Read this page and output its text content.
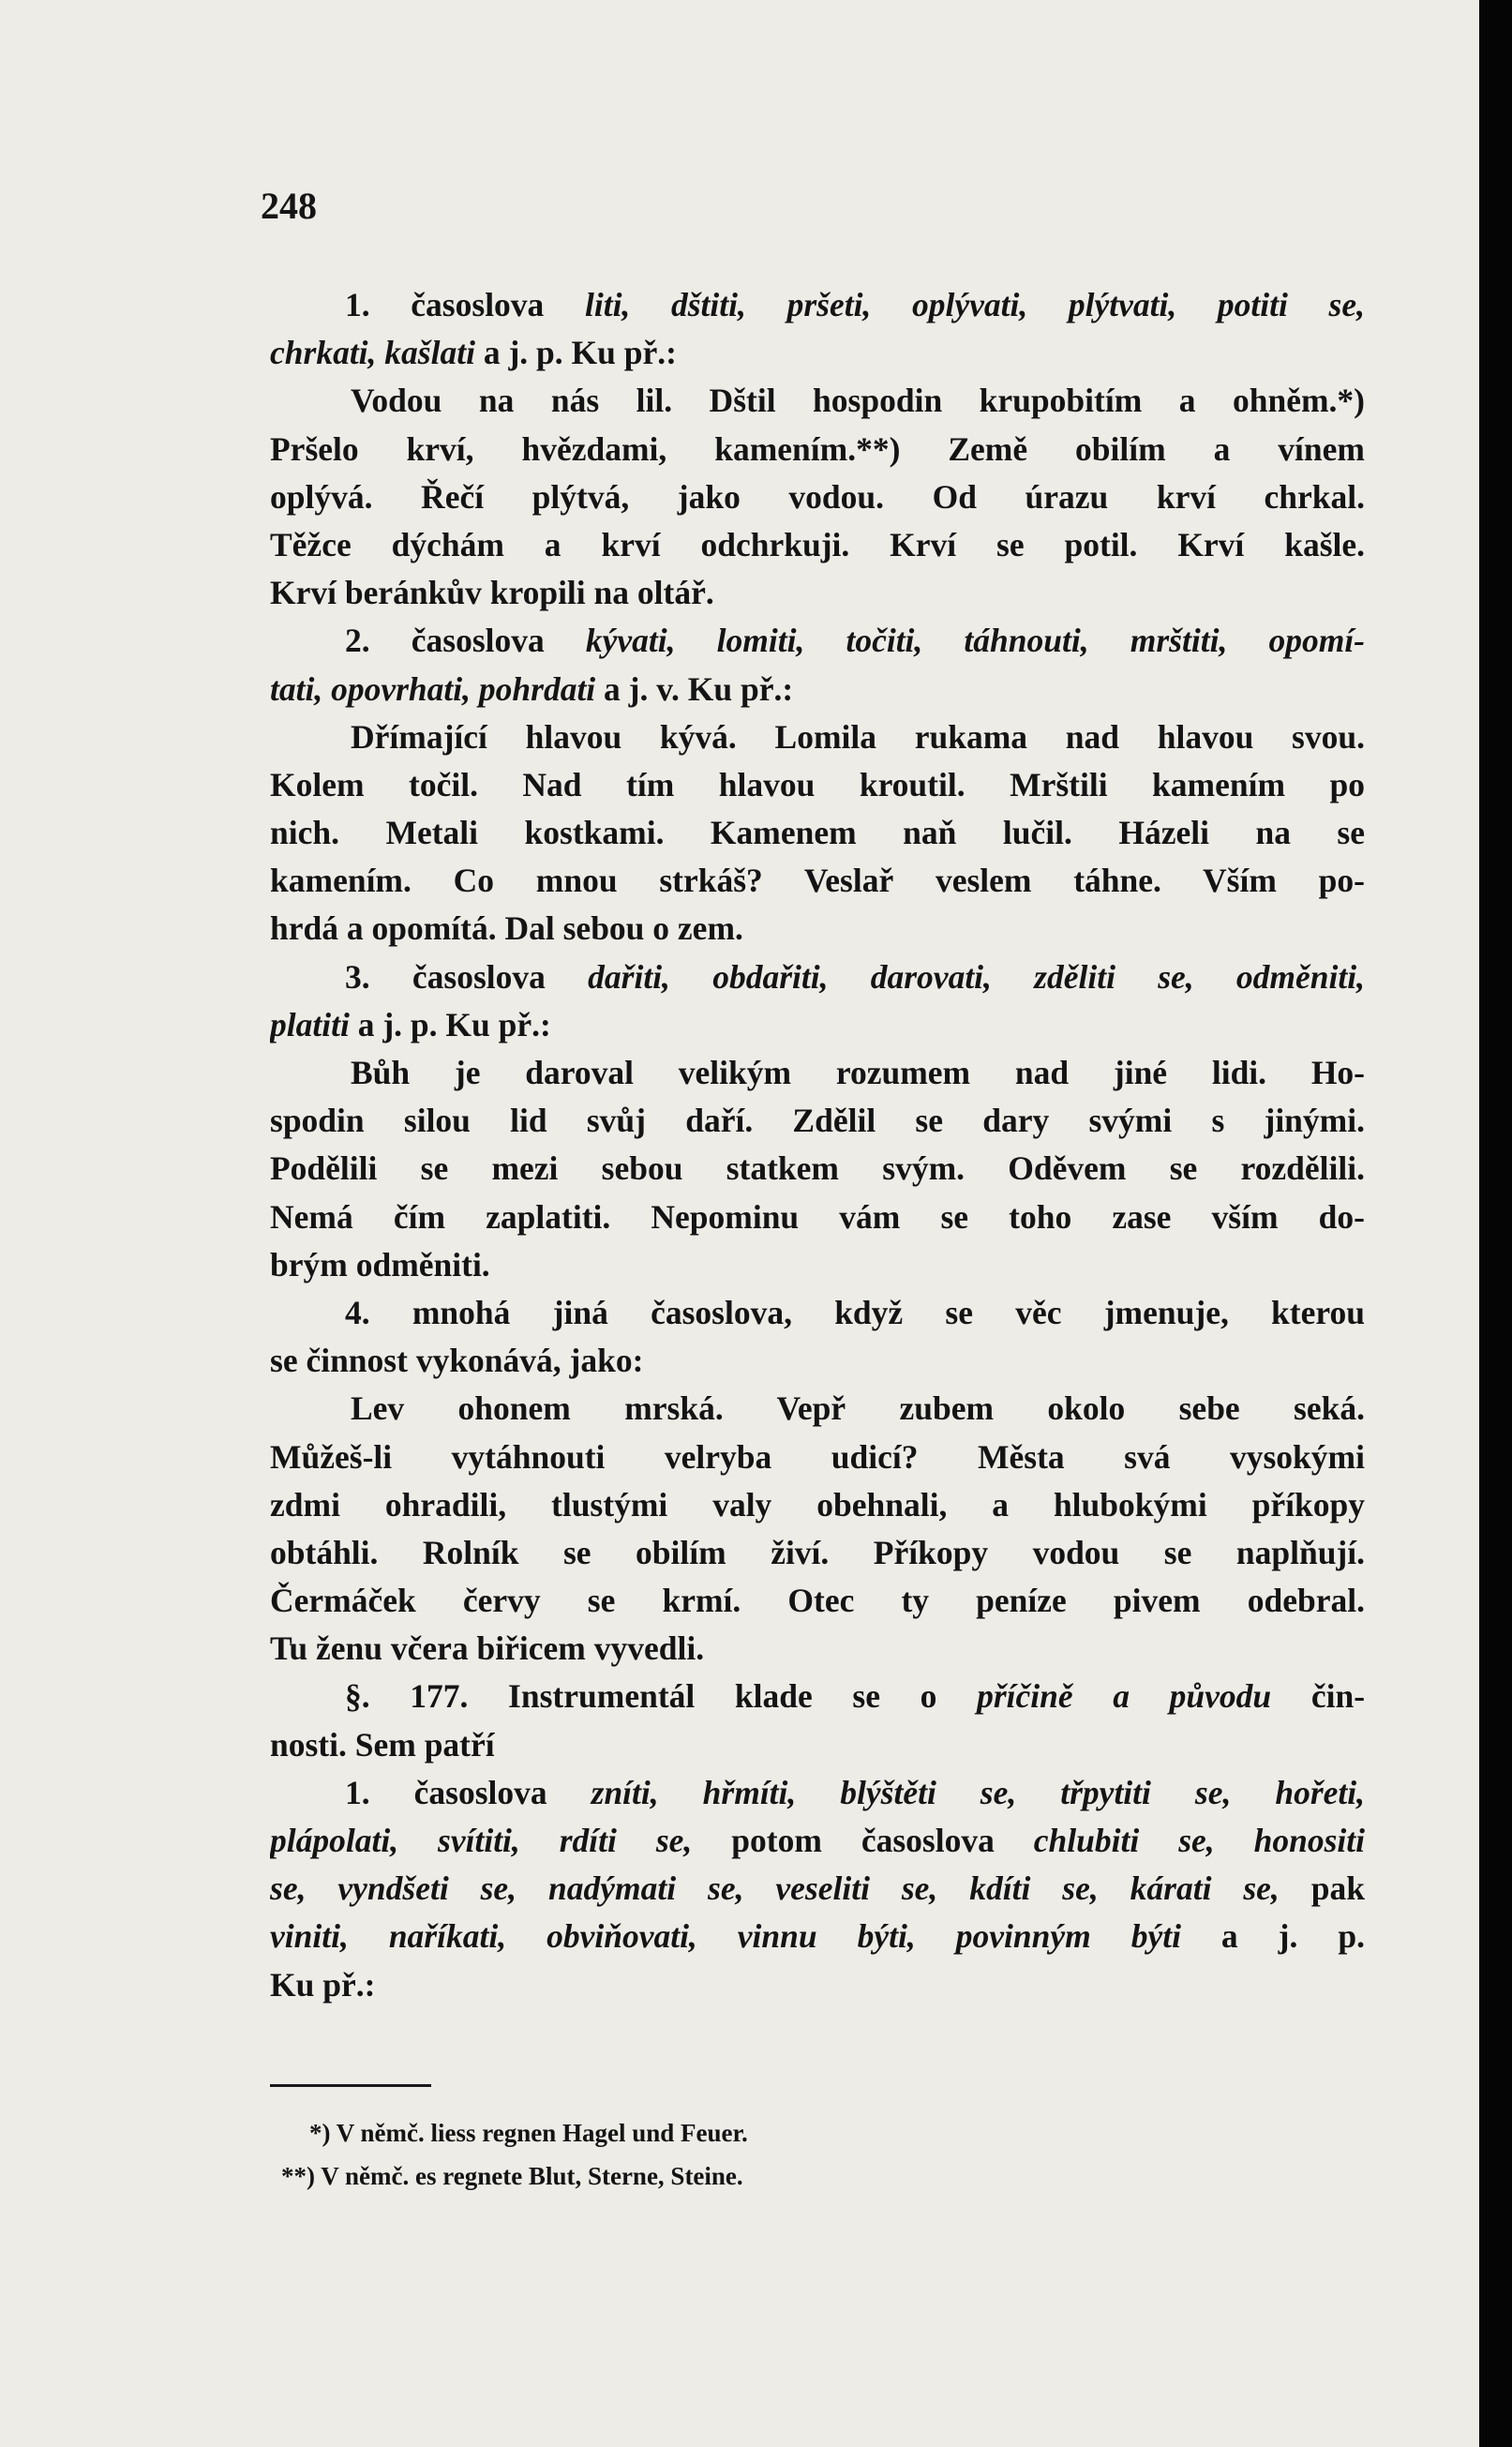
248
1. časoslova liti, dštiti, pršeti, oplývati, plýtvati, potiti se,
chrkati, kašlati a j. p. Ku př.:
Vodou na nás lil. Dštil hospodin krupobitím a ohněm.*)
Pršelo krví, hvězdami, kamením.**) Země obilím a vínem
oplývá. Řečí plýtvá, jako vodou. Od úrazu krví chrkal.
Těžce dýchám a krví odchrkuji. Krví se potil. Krví kašle.
Krví beránkův kropili na oltář.
2. časoslova kývati, lomiti, točiti, táhnouti, mrštiti, opomí-
tati, opovrhati, pohrdati a j. v. Ku př.:
Dřímající hlavou kývá. Lomila rukama nad hlavou svou.
Kolem točil. Nad tím hlavou kroutil. Mrštili kamením po
nich. Metali kostkami. Kamenem naň lučil. Házeli na se
kamením. Co mnou strkáš? Veslař veslem táhne. Vším po-
hrdá a opomítá. Dal sebou o zem.
3. časoslova dařiti, obdařiti, darovati, zděliti se, odměniti,
platiti a j. p. Ku př.:
Bůh je daroval velikým rozumem nad jiné lidi. Ho-
spodin silou lid svůj daří. Zdělil se dary svými s jinými.
Podělili se mezi sebou statkem svým. Oděvem se rozdělili.
Nemá čím zaplatiti. Nepominu vám se toho zase vším do-
brým odměniti.
4. mnohá jiná časoslova, když se věc jmenuje, kterou
se činnost vykonává, jako:
Lev ohonem mrská. Vepř zubem okolo sebe seká.
Můžeš-li vytáhnouti velryba udicí? Města svá vysokými
zdmi ohradili, tlustými valy obehnali, a hlubokými příkopy
obtáhli. Rolník se obilím živí. Příkopy vodou se naplňují.
Čermáček červy se krmí. Otec ty peníze pivem odebral.
Tu ženu včera biřicem vyvedli.
§. 177. Instrumentál klade se o příčině a původu čin-
nosti. Sem patří
1. časoslova zníti, hřmíti, blýštěti se, třpytiti se, hořeti,
plápolati, svítiti, rdíti se, potom časoslova chlubiti se, honositi
se, vyndšeti se, nadýmati se, veseliti se, kdíti se, kárati se, pak
viniti, naříkati, obviňovati, vinnu býti, povinným býti a j. p.
Ku př.:
*) V němč. liess regnen Hagel und Feuer.
**) V němč. es regnete Blut, Sterne, Steine.
